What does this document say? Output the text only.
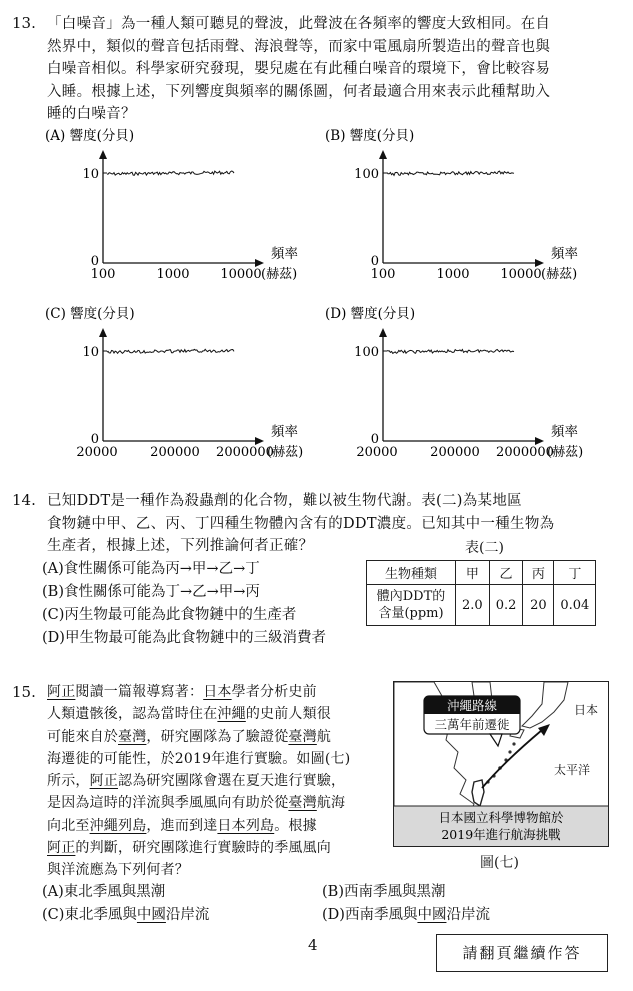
13. 「白噪音」為一種人類可聽見的聲波，此聲波在各頻率的響度大致相同。在自
然界中，類似的聲音包括雨聲、海浪聲等，而家中電風扇所製造出的聲音也與
白噪音相似。科學家研究發現，嬰兒處在有此種白噪音的環境下，會比較容易
入睡。根據上述，下列響度與頻率的關係圖，何者最適合用來表示此種幫助入
睡的白噪音？
(A) 響度(分貝)
10
0
100	1000 10000
頻率
(赫茲)
(B) 響度(分貝)
100
0
100	1000 10000
頻率
(赫茲)
(C) 響度(分貝)
10
0
20000	200000 2000000
頻率
(赫茲)
(D) 響度(分貝)
100
0
20000	200000 2000000
頻率
(赫茲)
14. 已知DDT是一種作為殺蟲劑的化合物，難以被生物代謝。表(二)為某地區
食物鏈中甲、乙、丙、丁四種生物體內含有的DDT濃度。已知其中一種生物為
生產者，根據上述，下列推論何者正確？	表(二)
生物種類	甲	乙	丙	丁

體內DDT的
含量(ppm)	2.0	0.2	20	0.04
(A)食性關係可能為丙→甲→乙→丁
(B)食性關係可能為丁→乙→甲→丙
(C)丙生物最可能為此食物鏈中的生產者
(D)甲生物最可能為此食物鏈中的三級消費者
15. 阿正閱讀一篇報導寫著：日本學者分析史前
人類遺骸後，認為當時住在沖繩的史前人類很
可能來自於臺灣，研究團隊為了驗證從臺灣航
海遷徙的可能性，於2019年進行實驗。如圖(七)
所示，阿正認為研究團隊會選在夏天進行實驗，
是因為這時的洋流與季風風向有助於從臺灣航海
向北至沖繩列島，進而到達日本列島。根據
阿正的判斷，研究團隊進行實驗時的季風風向
與洋流應為下列何者？
沖繩路線
三萬年前遷徙
日本
太平洋
日本國立科學博物館於
2019年進行航海挑戰
圖(七)
(A)東北季風與黑潮	(B)西南季風與黑潮
(C)東北季風與中國沿岸流	(D)西南季風與中國沿岸流
4	請翻頁繼續作答
